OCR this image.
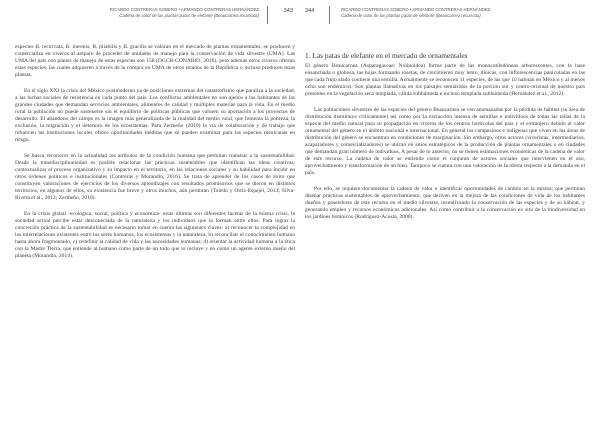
RICARDO CONTRERAS SOBERO • ARMANDO CONTRERAS HERNÁNDEZ
Cadena de valor de las plantas patas de elefante (Beaucarnea recurvata)
343

especies B. recurvata, B. inermis, B. pliabilis y B. gracilis se valoran en el mercado de plantas ornamentales, se producen y comercializa en viveros al amparo de proceder de unidades de manejo para la conservación de vida silvestre (UMA). Las UMA del país con planes de manejo de estas especies son 158 (DGCB-CONABIO, 2016), pero además otros viveros ofertan estas especies, las cuales adquieren a través de la compra en UMA de otros estados de la República o incluso producen estas plantas.

En el siglo XXI la crisis del México postmoderno ya de posiciones extremas del catastrofismo que paraliza a la sociedad, a las luchas sociales de resistencia en cada punto del país. Los conflictos ambientales no son ajenos a los habitantes de las grandes ciudades que demandan servicios ambientales, alimentos de calidad y múltiples materias para la vida. En el medio rural la población no puede sostenerse sin el equilibrio de políticas públicas que valoren su aportación a los proyectos de desarrollo. El abandono del campo es la imagen más generalizada de la realidad del medio rural, que fomenta la pobreza, la exclusión, la migración y el deterioro de los ecosistemas. Para Zermeño (2010) la vía de colaboración y de trabajo que refuercen las instituciones locales ofrece oportunidades inéditas que se pueden examinar para las especies mexicanas en riesgo.

Se busca reconocer en la actualidad los atributos de la condición humana que permitan transitar a la sustentabilidad. Desde la transdisciplinariedad es posible relacionar las prácticas sustentables que identifican las ideas creativas, contextualizar el proceso organizativo y su impacto en el territorio, en las relaciones sociales y su habilidad para incidir en otros órdenes políticos e institucionales (Contreras y Morandín, 2016). Se trata de aprender de los casos de éxito que constituyen valoraciones de ejercicios de los diversos aprendizajes con resultados promisorios que se dieron en distintos territorios, en algunos de ellos, su existencia fue breve y otros muchos, aún perduran (Toledo y Ortiz-Espejel, 2014; Silva-Rivera et al., 2012; Zermeño, 2010).

En la crisis global -ecológica, social, política y económica- estas últimas son diferentes facetas de la misma crisis, la sociedad actual percibe estar desconectada de la naturaleza y los individuos que la forman entre ellos. Para lograr la concreción práctica de la sustentabilidad es necesario tomar en cuenta las siguientes claves: a) reconocer la complejidad en las interrelaciones existentes entre los seres humanos, los ecosistemas y la naturaleza, b) reconciliar el conocimiento humano hasta ahora fragmentado, c) redefinir la calidad de vida y las necesidades humanas; d) orientar la actividad humana a la ética con la Madre Tierra, que entiende al humano como parte de un todo que lo incluye y no como un agente externo dueño del planeta (Morandín, 2014).

344	RICARDO CONTRERAS SOBERO • ARMANDO CONTRERAS HERNÁNDEZ
Cadena de valor de las plantas patas de elefante (Beaucarnea recurvata)
1. Las patas de elefante en el mercado de ornamentales

El género Beaucarnea (Asparagaceae: Nolinoidea) forma parte de las monocotiledóneas arborescentes, con la base ensanchada o globosa, las hojas formando rosetas, de crecimiento muy lento, dioicas, con inflorescencias paniculadas en las que cada fruto alado contiene una semilla. Actualmente se reconocen 11 especies, de las que 10 habitan en México y al menos ocho son endémicos. Son plantas llamativas en los paisajes semiáridos de la porción sur y centro-oriental de nuestro país presentes en la vegetación seca templada, cálida subhúmeda e incluso templada subhúmeda (Hernández et al., 2012).

Las poblaciones silvestres de las especies del género Beaucarnea se ven amenazadas por la pérdida de hábitat (su área de distribución disminuye críticamente) así como por la extracción intensa de semillas e individuos de todas las tallas de la especie del medio natural para su propagación en viveros de los centros hortícolas del país y el extranjero debido al valor ornamental del género en el ámbito nacional e internacional. En general los campesinos e indígenas que viven en las áreas de distribución del género se encuentran en condiciones de marginación. Sin embargo, otros actores (viveristas, intermediarios, acaparadores y comercializadores) se ubican en sitios estratégicos de la producción de plantas ornamentales o en ciudades que demandan gran número de individuos. A pesar de lo anterior, no se tienen estimaciones económicas de la cadena de valor de este recurso. La cadena de valor se entiende como el conjunto de actores sociales que intervienen en el uso, aprovechamiento y transformación de un bien. Tampoco se cuenta con una valoración de la oferta respecto a la demanda en el país.

Por ello, se requiere documentar la cadena de valor e identificar oportunidades de cambio en la misma; que permitan diseñar prácticas sustentables de aprovechamiento, que deriven en la mejora de las condiciones de vida de los habitantes dueños y poseedores de este recurso en el medio silvestre, incentivando la conservación de las especies y de su hábitat, y generando empleo y recursos económicos adicionales. Así como contribuir a la conservación ex situ de la biodiversidad en los jardines botánicos (Rodríguez-Acosta, 2000).
